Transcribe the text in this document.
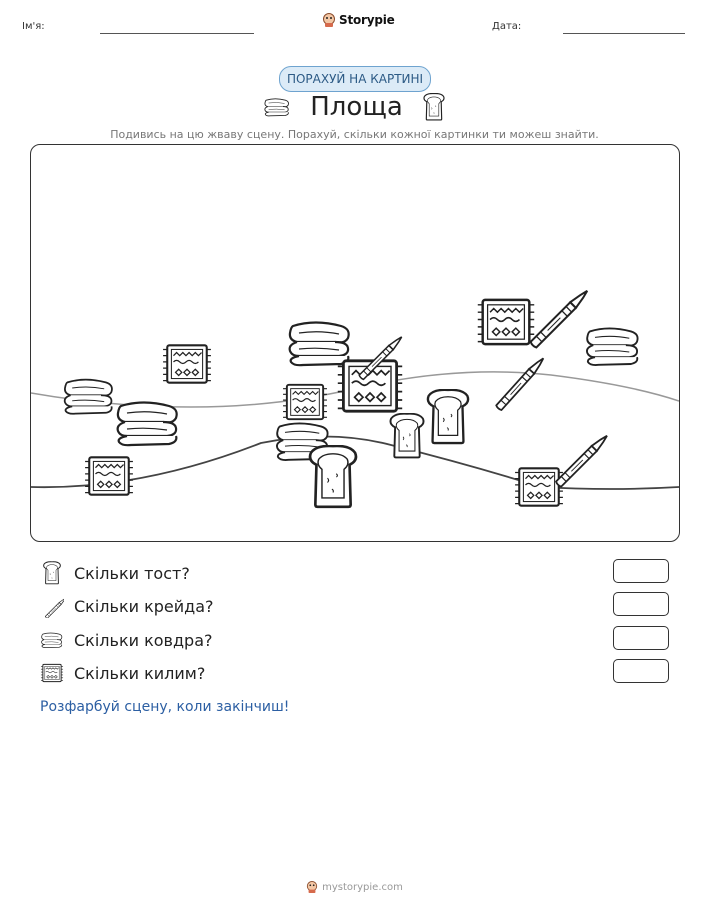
Ім'я:	Storypie	Дата:
ПОРАХУЙ НА КАРТИНІ
Площа
Подивись на цю жваву сцену. Порахуй, скільки кожної картинки ти можеш знайти.
Скільки тост?
Скільки крейда?
Скільки ковдра?
Скільки килим?
Розфарбуй сцену, коли закінчиш!
mystorypie.com
